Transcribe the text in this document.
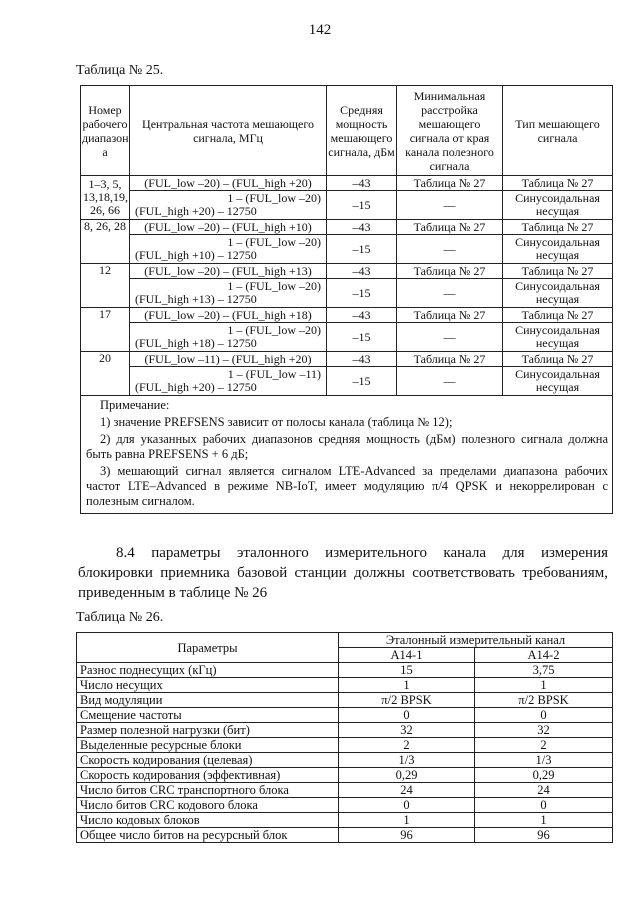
142
Таблица № 25.
Номер рабочего диапазон а	Центральная частота мешающего сигнала, МГц	Средняя мощность мешающего сигнала, дБм	Минимальная расстройка мешающего сигнала от края канала полезного сигнала	Тип мешающего сигнала
1–3, 5, 13,18,19, 26, 66	(FUL_low –20) – (FUL_high +20)	–43	Таблица № 27	Таблица № 27

	1 – (FUL_low –20)
(FUL_high +20) – 12750	–15	—	Синусоидальная несущая
8, 26, 28	(FUL_low –20) – (FUL_high +10)	–43	Таблица № 27	Таблица № 27

	1 – (FUL_low –20)
(FUL_high +10) – 12750	–15	—	Синусоидальная несущая
12	(FUL_low –20) – (FUL_high +13)	–43	Таблица № 27	Таблица № 27

	1 – (FUL_low –20)
(FUL_high +13) – 12750	–15	—	Синусоидальная несущая
17	(FUL_low –20) – (FUL_high +18)	–43	Таблица № 27	Таблица № 27

	1 – (FUL_low –20)
(FUL_high +18) – 12750	–15	—	Синусоидальная несущая
20	(FUL_low –11) – (FUL_high +20)	–43	Таблица № 27	Таблица № 27

	1 – (FUL_low –11)
(FUL_high +20) – 12750	–15	—	Синусоидальная несущая

Примечание:
1) значение PREFSENS зависит от полосы канала (таблица № 12);
2) для указанных рабочих диапазонов средняя мощность (дБм) полезного сигнала должна быть равна PREFSENS + 6 дБ;
3) мешающий сигнал является сигналом LTE-Advanced за пределами диапазона рабочих частот LTE–Advanced в режиме NB-IoT, имеет модуляцию π/4 QPSK и некоррелирован с полезным сигналом.				
8.4 параметры эталонного измерительного канала для измерения блокировки приемника базовой станции должны соответствовать требованиям, приведенным в таблице № 26
Таблица № 26.
Параметры	Эталонный измерительный канал	
	А14-1	А14-2
Разнос поднесущих (кГц)	15	3,75
Число несущих	1	1
Вид модуляции	π/2 BPSK	π/2 BPSK
Смещение частоты	0	0
Размер полезной нагрузки (бит)	32	32
Выделенные ресурсные блоки	2	2
Скорость кодирования (целевая)	1/3	1/3
Скорость кодирования (эффективная)	0,29	0,29
Число битов CRC транспортного блока	24	24
Число битов CRC кодового блока	0	0
Число кодовых блоков	1	1
Общее число битов на ресурсный блок	96	96
